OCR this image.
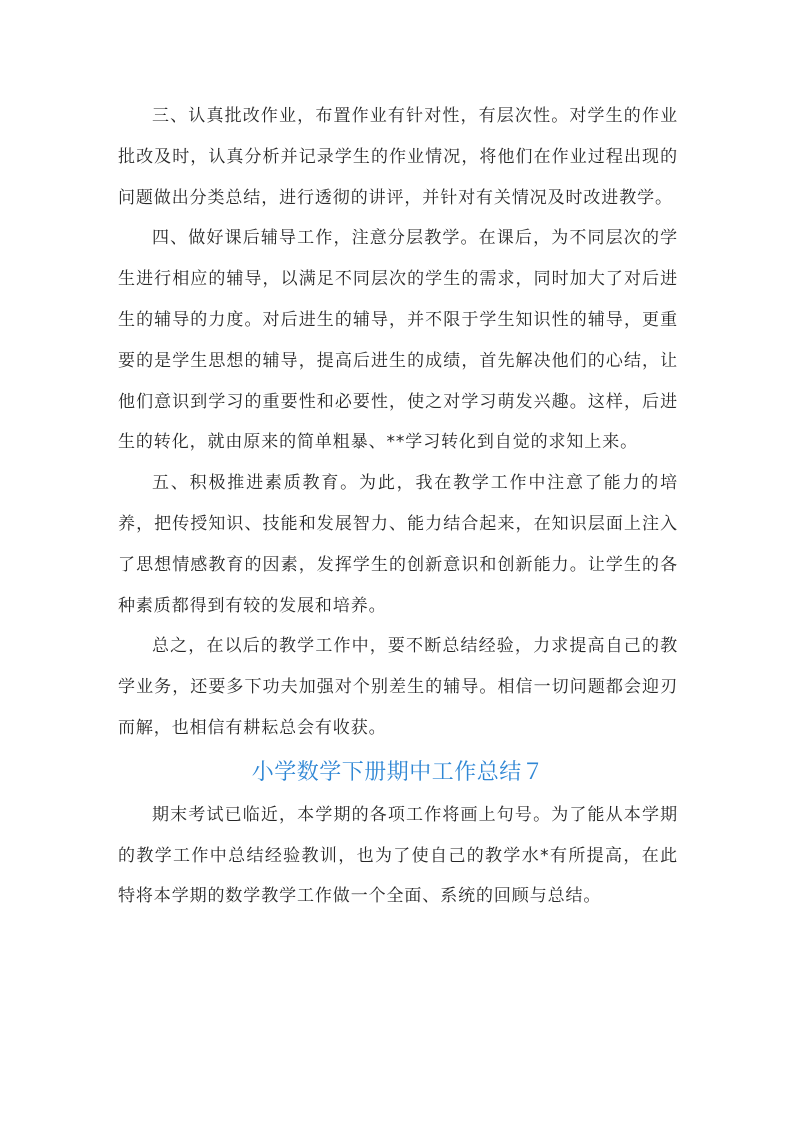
三、认真批改作业，布置作业有针对性，有层次性。对学生的作业批改及时，认真分析并记录学生的作业情况，将他们在作业过程出现的问题做出分类总结，进行透彻的讲评，并针对有关情况及时改进教学。

四、做好课后辅导工作，注意分层教学。在课后，为不同层次的学生进行相应的辅导，以满足不同层次的学生的需求，同时加大了对后进生的辅导的力度。对后进生的辅导，并不限于学生知识性的辅导，更重要的是学生思想的辅导，提高后进生的成绩，首先解决他们的心结，让他们意识到学习的重要性和必要性，使之对学习萌发兴趣。这样，后进生的转化，就由原来的简单粗暴、**学习转化到自觉的求知上来。

五、积极推进素质教育。为此，我在教学工作中注意了能力的培养，把传授知识、技能和发展智力、能力结合起来，在知识层面上注入了思想情感教育的因素，发挥学生的创新意识和创新能力。让学生的各种素质都得到有较的发展和培养。

总之，在以后的教学工作中，要不断总结经验，力求提高自己的教学业务，还要多下功夫加强对个别差生的辅导。相信一切问题都会迎刃而解，也相信有耕耘总会有收获。

小学数学下册期中工作总结７

期末考试已临近，本学期的各项工作将画上句号。为了能从本学期的教学工作中总结经验教训，也为了使自己的教学水*有所提高，在此特将本学期的数学教学工作做一个全面、系统的回顾与总结。
